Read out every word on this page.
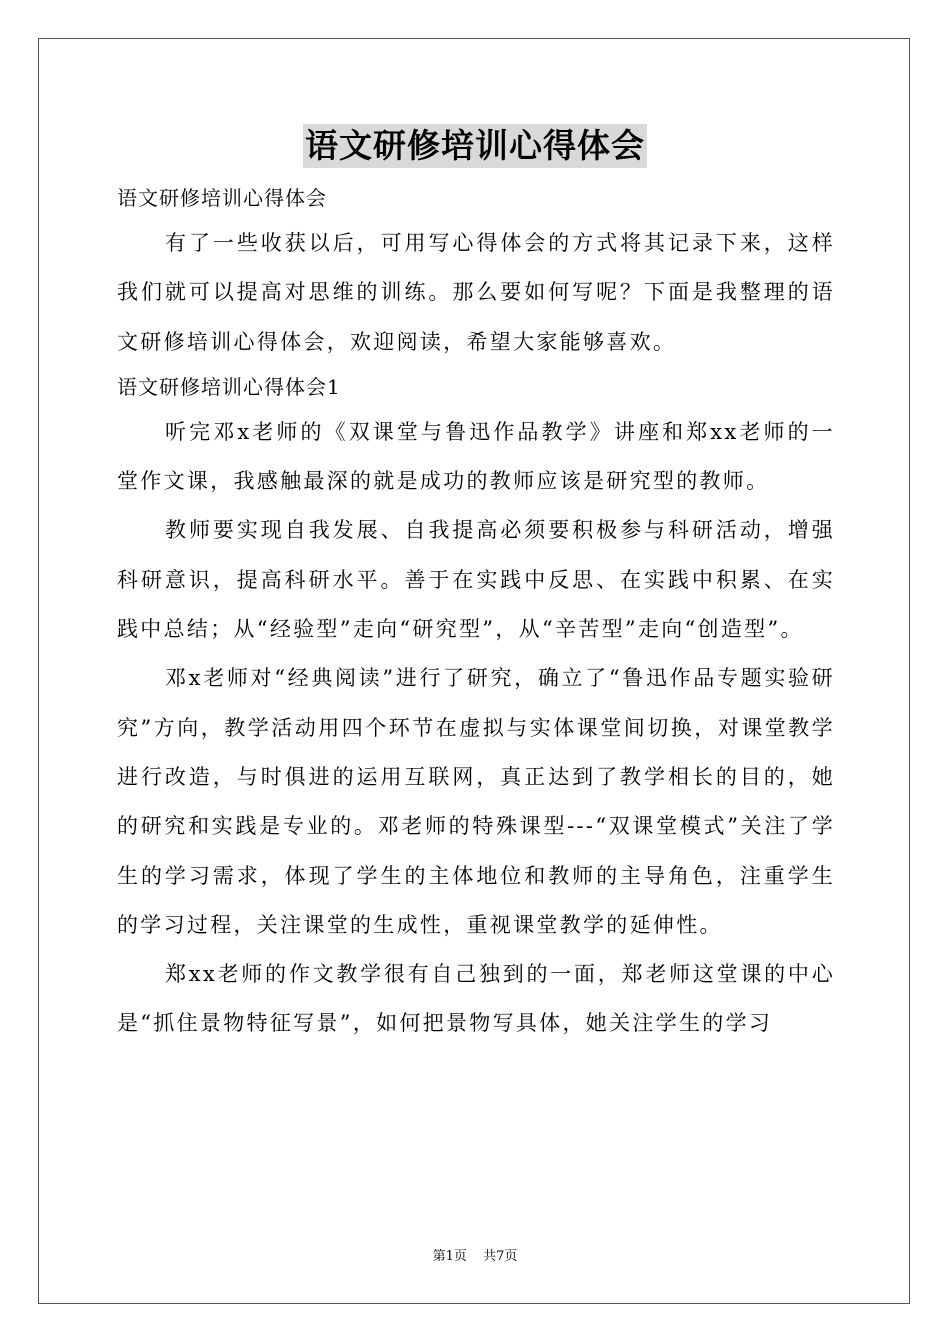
语文研修培训心得体会

语文研修培训心得体会

有了一些收获以后，可用写心得体会的方式将其记录下来，这样我们就可以提高对思维的训练。那么要如何写呢？下面是我整理的语文研修培训心得体会，欢迎阅读，希望大家能够喜欢。

语文研修培训心得体会1

听完邓x老师的《双课堂与鲁迅作品教学》讲座和郑xx老师的一堂作文课，我感触最深的就是成功的教师应该是研究型的教师。

教师要实现自我发展、自我提高必须要积极参与科研活动，增强科研意识，提高科研水平。善于在实践中反思、在实践中积累、在实践中总结；从“经验型”走向“研究型”，从“辛苦型”走向“创造型”。

邓x老师对“经典阅读”进行了研究，确立了“鲁迅作品专题实验研究”方向，教学活动用四个环节在虚拟与实体课堂间切换，对课堂教学进行改造，与时俱进的运用互联网，真正达到了教学相长的目的，她的研究和实践是专业的。邓老师的特殊课型---“双课堂模式”关注了学生的学习需求，体现了学生的主体地位和教师的主导角色，注重学生的学习过程，关注课堂的生成性，重视课堂教学的延伸性。

郑xx老师的作文教学很有自己独到的一面，郑老师这堂课的中心是“抓住景物特征写景”，如何把景物写具体，她关注学生的学习

第1页 共7页
